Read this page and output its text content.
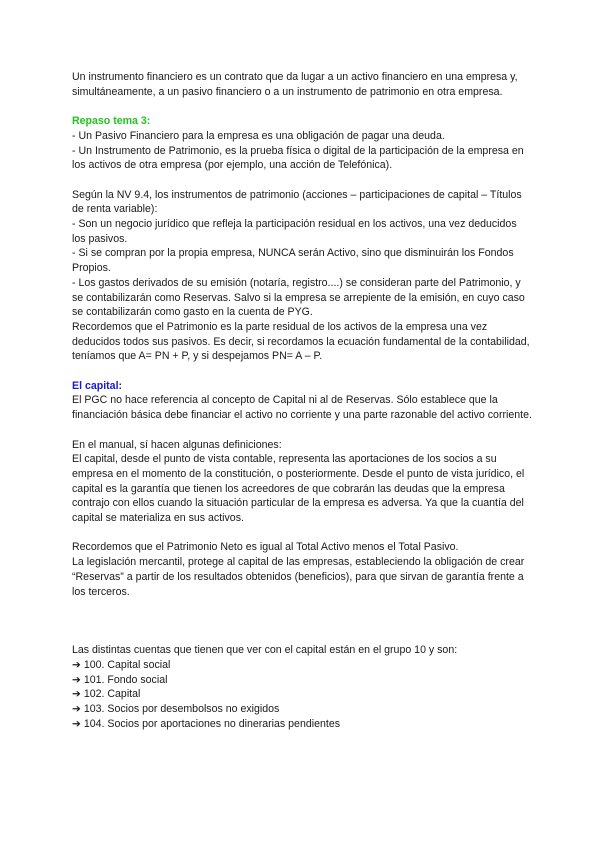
Un instrumento financiero es un contrato que da lugar a un activo financiero en una empresa y, simultáneamente, a un pasivo financiero o a un instrumento de patrimonio en otra empresa.

Repaso tema 3:

- Un Pasivo Financiero para la empresa es una obligación de pagar una deuda.

- Un Instrumento de Patrimonio, es la prueba física o digital de la participación de la empresa en los activos de otra empresa (por ejemplo, una acción de Telefónica).

Según la NV 9.4, los instrumentos de patrimonio (acciones – participaciones de capital – Títulos de renta variable):

- Son un negocio jurídico que refleja la participación residual en los activos, una vez deducidos los pasivos.

- Si se compran por la propia empresa, NUNCA serán Activo, sino que disminuirán los Fondos Propios.

- Los gastos derivados de su emisión (notaría, registro....) se consideran parte del Patrimonio, y se contabilizarán como Reservas. Salvo si la empresa se arrepiente de la emisión, en cuyo caso se contabilizarán como gasto en la cuenta de PYG.

Recordemos que el Patrimonio es la parte residual de los activos de la empresa una vez deducidos todos sus pasivos. Es decir, si recordamos la ecuación fundamental de la contabilidad, teníamos que A= PN + P, y si despejamos PN= A – P.

El capital:

El PGC no hace referencia al concepto de Capital ni al de Reservas. Sólo establece que la financiación básica debe financiar el activo no corriente y una parte razonable del activo corriente.

En el manual, sí hacen algunas definiciones:

El capital, desde el punto de vista contable, representa las aportaciones de los socios a su empresa en el momento de la constitución, o posteriormente. Desde el punto de vista jurídico, el capital es la garantía que tienen los acreedores de que cobrarán las deudas que la empresa contrajo con ellos cuando la situación particular de la empresa es adversa. Ya que la cuantía del capital se materializa en sus activos.

Recordemos que el Patrimonio Neto es igual al Total Activo menos el Total Pasivo.

La legislación mercantil, protege al capital de las empresas, estableciendo la obligación de crear “Reservas” a partir de los resultados obtenidos (beneficios), para que sirvan de garantía frente a los terceros.

Las distintas cuentas que tienen que ver con el capital están en el grupo 10 y son:

➔ 100. Capital social

➔ 101. Fondo social

➔ 102. Capital

➔ 103. Socios por desembolsos no exigidos

➔ 104. Socios por aportaciones no dinerarias pendientes
